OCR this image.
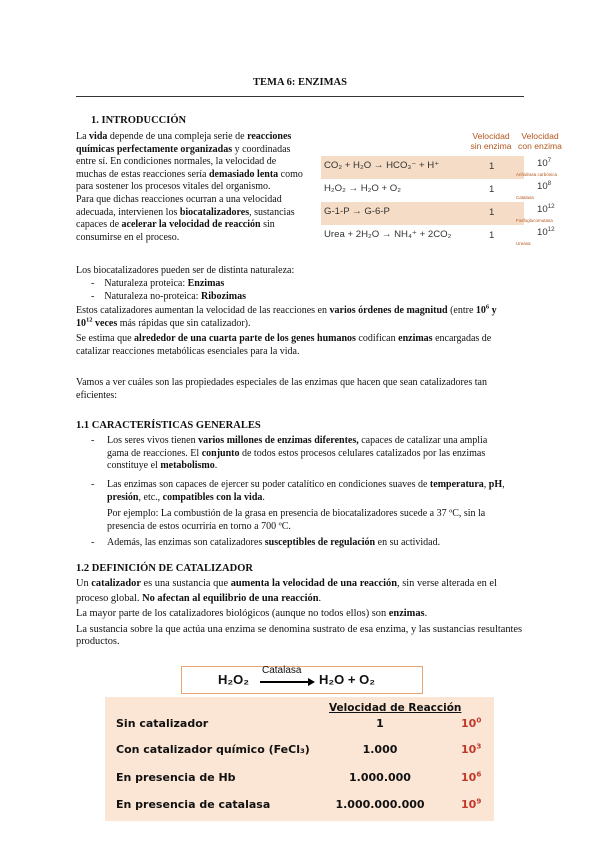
TEMA 6: ENZIMAS
1. INTRODUCCIÓN
La vida depende de una compleja serie de reacciones
químicas perfectamente organizadas y coordinadas
entre sí. En condiciones normales, la velocidad de
muchas de estas reacciones sería demasiado lenta como
para sostener los procesos vitales del organismo.
Para que dichas reacciones ocurran a una velocidad
adecuada, intervienen los biocatalizadores, sustancias
capaces de acelerar la velocidad de reacción sin
consumirse en el proceso.
Los biocatalizadores pueden ser de distinta naturaleza:
-    Naturaleza proteica: Enzimas
-    Naturaleza no-proteica: Ribozimas
Estos catalizadores aumentan la velocidad de las reacciones en varios órdenes de magnitud (entre $10^6$ y
$10^{12}$ veces más rápidas que sin catalizador).
Se estima que alrededor de una cuarta parte de los genes humanos codifican enzimas encargadas de
catalizar reacciones metabólicas esenciales para la vida.
Vamos a ver cuáles son las propiedades especiales de las enzimas que hacen que sean catalizadores tan
eficientes:
Velocidad
sin enzima
Velocidad
con enzima
CO₂ + H₂O → HCO₃⁻ + H⁺	1	$10^7$
Anhidrasa carbónica
H₂O₂ → H₂O + O₂	1	$10^8$
Catalasa
G-1-P → G-6-P	1	$10^{12}$
Fosfoglucomutasa
Urea + 2H₂O → NH₄⁺ + 2CO₂	1	$10^{12}$
Ureasa
1.1 CARACTERÍSTICAS GENERALES
- Los seres vivos tienen varios millones de enzimas diferentes, capaces de catalizar una amplia
gama de reacciones. El conjunto de todos estos procesos celulares catalizados por las enzimas
constituye el metabolismo.
- Las enzimas son capaces de ejercer su poder catalítico en condiciones suaves de temperatura, pH,
presión, etc., compatibles con la vida.
Por ejemplo: La combustión de la grasa en presencia de biocatalizadores sucede a 37 ºC, sin la
presencia de estos ocurriría en torno a 700 ºC.
- Además, las enzimas son catalizadores susceptibles de regulación en su actividad.
1.2 DEFINICIÓN DE CATALIZADOR
Un catalizador es una sustancia que aumenta la velocidad de una reacción, sin verse alterada en el
proceso global. No afectan al equilibrio de una reacción.
La mayor parte de los catalizadores biológicos (aunque no todos ellos) son enzimas.
La sustancia sobre la que actúa una enzima se denomina sustrato de esa enzima, y las sustancias resultantes
productos.
H₂O₂
Catalasa
H₂O + O₂
Velocidad de Reacción
Sin catalizador	1	$10^0$
Con catalizador químico (FeCl₃)	1.000	$10^3$
En presencia de Hb	1.000.000	$10^6$
En presencia de catalasa	1.000.000.000	$10^9$
